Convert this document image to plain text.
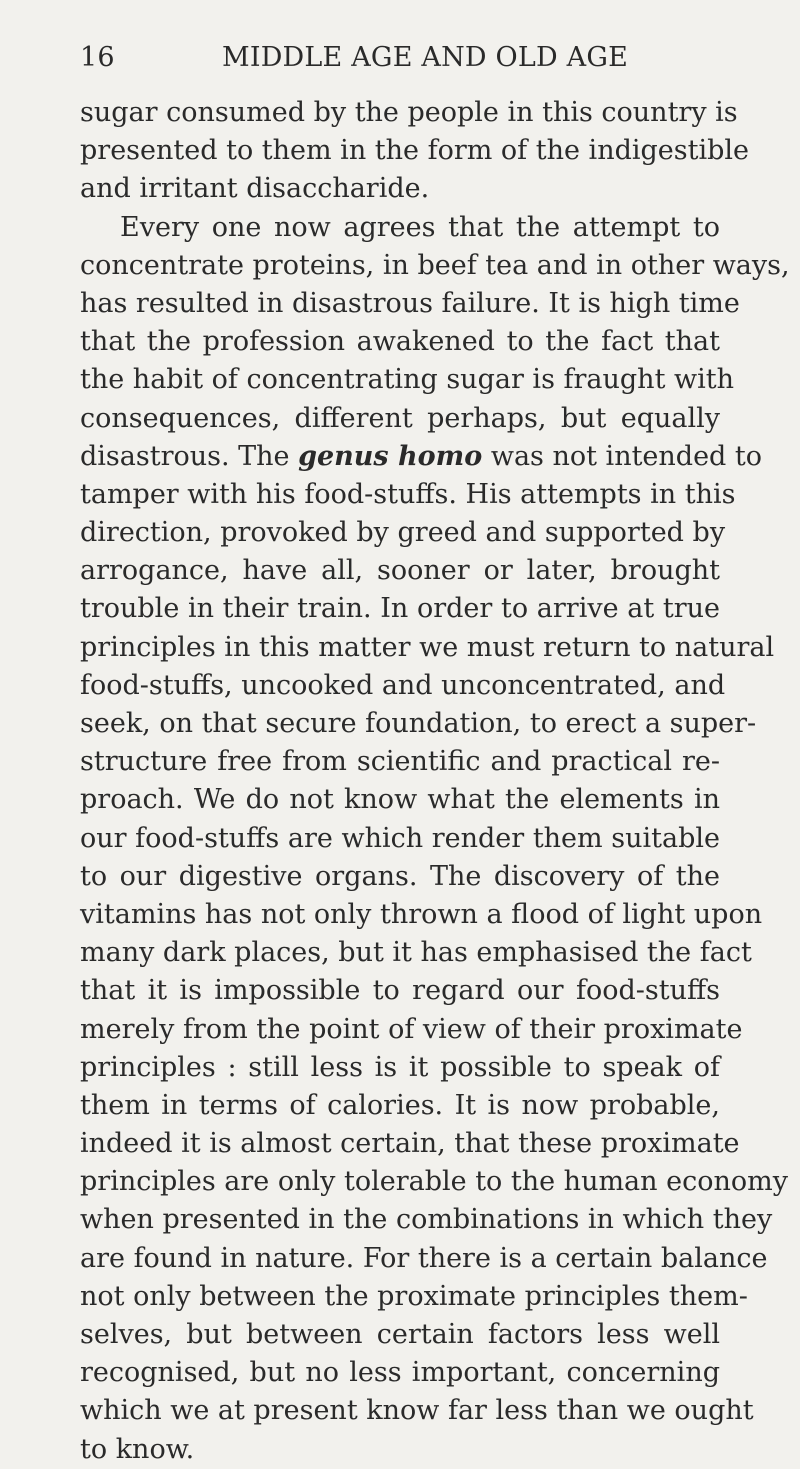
16	MIDDLE AGE AND OLD AGE
sugar consumed by the people in this country is
presented to them in the form of the indigestible
and irritant disaccharide.
Every one now agrees that the attempt to
concentrate proteins, in beef tea and in other ways,
has resulted in disastrous failure. It is high time
that the profession awakened to the fact that
the habit of concentrating sugar is fraught with
consequences, different perhaps, but equally
disastrous. The genus homo was not intended to
tamper with his food-stuffs. His attempts in this
direction, provoked by greed and supported by
arrogance, have all, sooner or later, brought
trouble in their train. In order to arrive at true
principles in this matter we must return to natural
food-stuffs, uncooked and unconcentrated, and
seek, on that secure foundation, to erect a super-
structure free from scientific and practical re-
proach. We do not know what the elements in
our food-stuffs are which render them suitable
to our digestive organs. The discovery of the
vitamins has not only thrown a flood of light upon
many dark places, but it has emphasised the fact
that it is impossible to regard our food-stuffs
merely from the point of view of their proximate
principles : still less is it possible to speak of
them in terms of calories. It is now probable,
indeed it is almost certain, that these proximate
principles are only tolerable to the human economy
when presented in the combinations in which they
are found in nature. For there is a certain balance
not only between the proximate principles them-
selves, but between certain factors less well
recognised, but no less important, concerning
which we at present know far less than we ought
to know.
